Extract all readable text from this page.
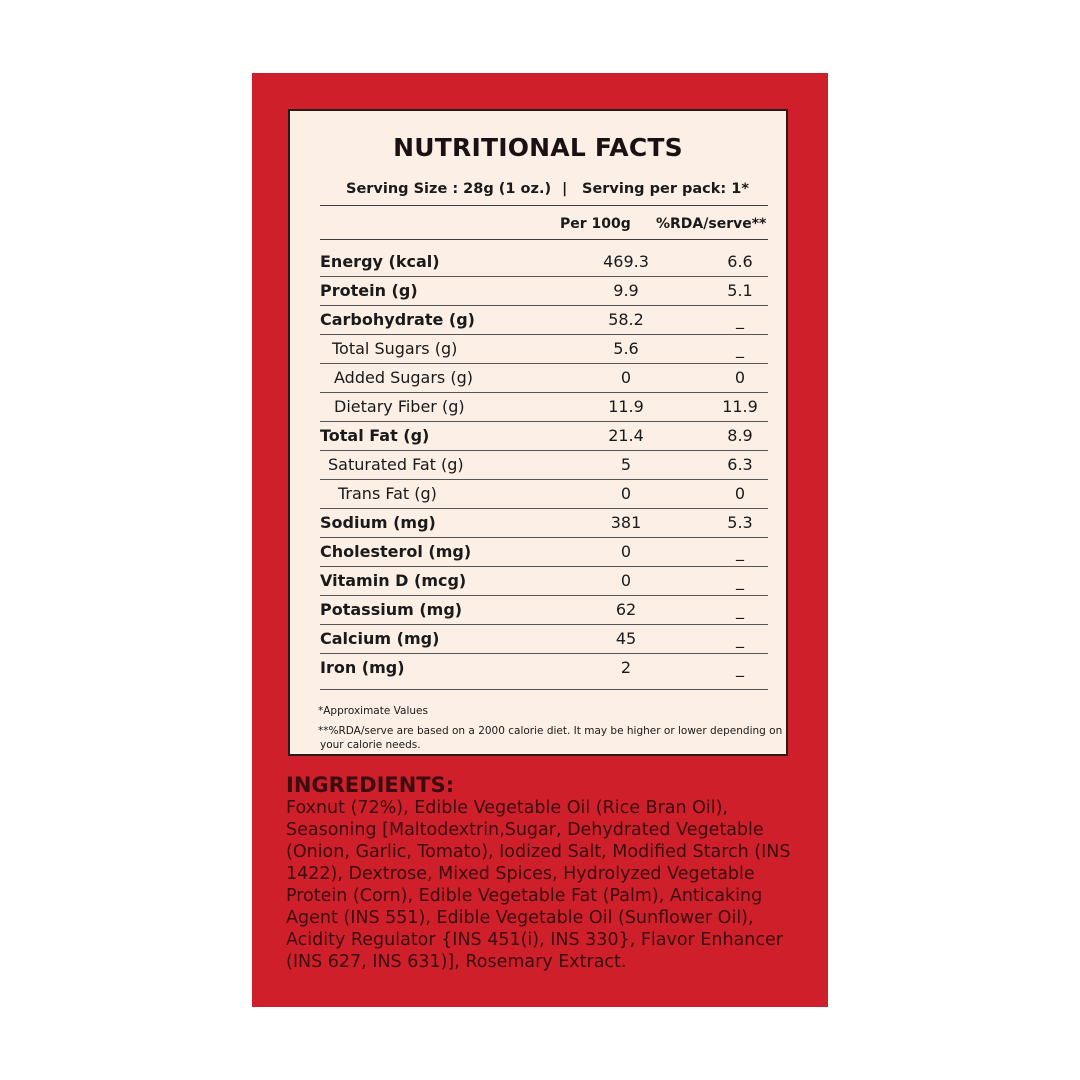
NUTRITIONAL FACTS
Serving Size : 28g (1 oz.) | Serving per pack: 1*
Per 100g %RDA/serve**
Energy (kcal)	469.3	6.6
Protein (g)	9.9	5.1
Carbohydrate (g)	58.2	_
Total Sugars (g)	5.6	_
Added Sugars (g)	0	0
Dietary Fiber (g)	11.9	11.9
Total Fat (g)	21.4	8.9
Saturated Fat (g)	5	6.3
Trans Fat (g)	0	0
Sodium (mg)	381	5.3
Cholesterol (mg)	0	_
Vitamin D (mcg)	0	_
Potassium (mg)	62	_
Calcium (mg)	45	_
Iron (mg)	2	_
*Approximate Values
**%RDA/serve are based on a 2000 calorie diet. It may be higher or lower depending on
your calorie needs.
INGREDIENTS:
Foxnut (72%), Edible Vegetable Oil (Rice Bran Oil), Seasoning [Maltodextrin,Sugar, Dehydrated Vegetable (Onion, Garlic, Tomato), Iodized Salt, Modified Starch (INS 1422), Dextrose, Mixed Spices, Hydrolyzed Vegetable Protein (Corn), Edible Vegetable Fat (Palm), Anticaking Agent (INS 551), Edible Vegetable Oil (Sunflower Oil), Acidity Regulator {INS 451(i), INS 330}, Flavor Enhancer (INS 627, INS 631)], Rosemary Extract.
